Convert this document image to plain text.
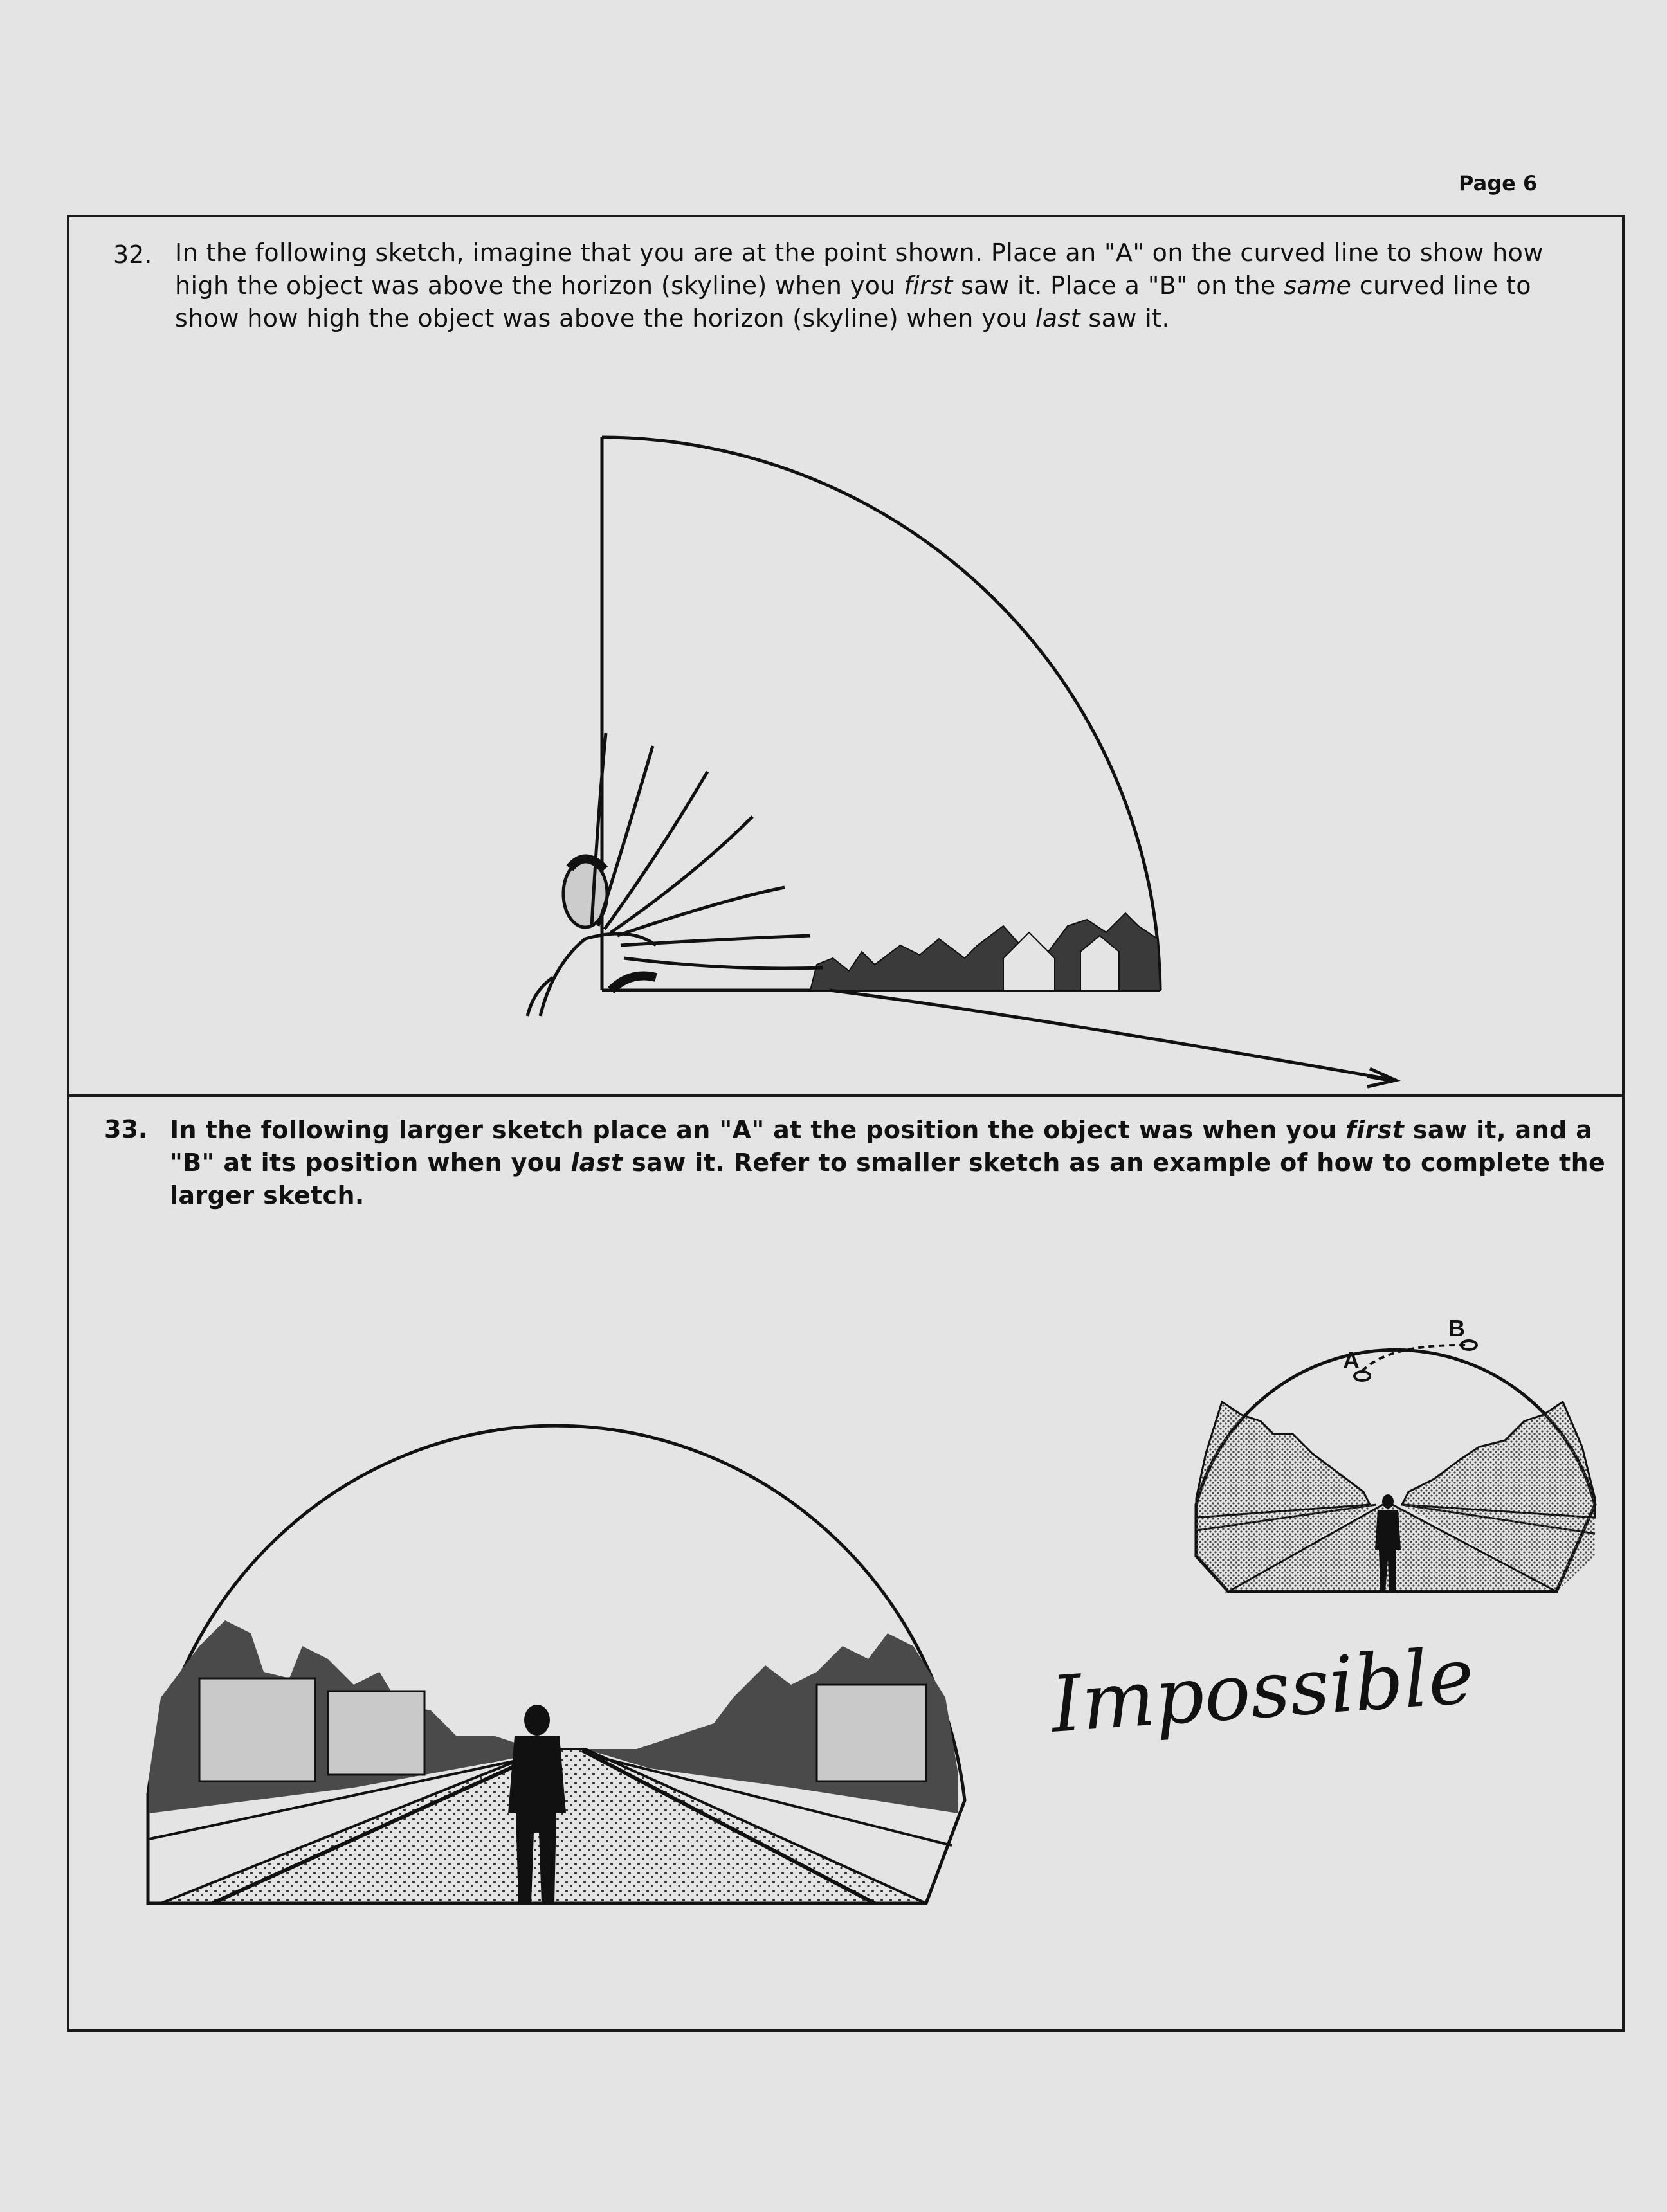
Page 6
32. In the following sketch, imagine that you are at the point shown. Place an "A" on the curved line to show how high the object was above the horizon (skyline) when you first saw it. Place a "B" on the same curved line to show how high the object was above the horizon (skyline) when you last saw it.
33. In the following larger sketch place an "A" at the position the object was when you first saw it, and a "B" at its position when you last saw it. Refer to smaller sketch as an example of how to complete the larger sketch.
A
B
Impossible
